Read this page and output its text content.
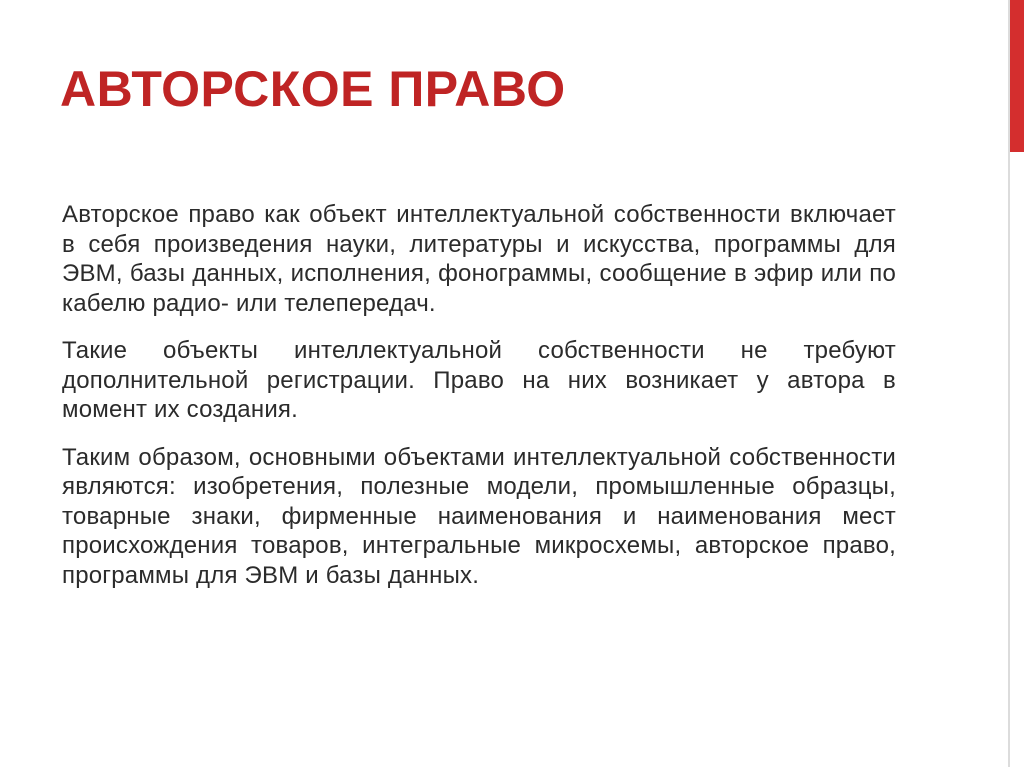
АВТОРСКОЕ ПРАВО

Авторское право как объект интеллектуальной собственности включает в себя произведения науки, литературы и искусства, программы для ЭВМ, базы данных, исполнения, фонограммы, сообщение в эфир или по кабелю радио- или телепередач.

Такие объекты интеллектуальной собственности не требуют дополнительной регистрации. Право на них возникает у автора в момент их создания.

Таким образом, основными объектами интеллектуальной собственности являются: изобретения, полезные модели, промышленные образцы, товарные знаки, фирменные наименования и наименования мест происхождения товаров, интегральные микросхемы, авторское право, программы для ЭВМ и базы данных.
